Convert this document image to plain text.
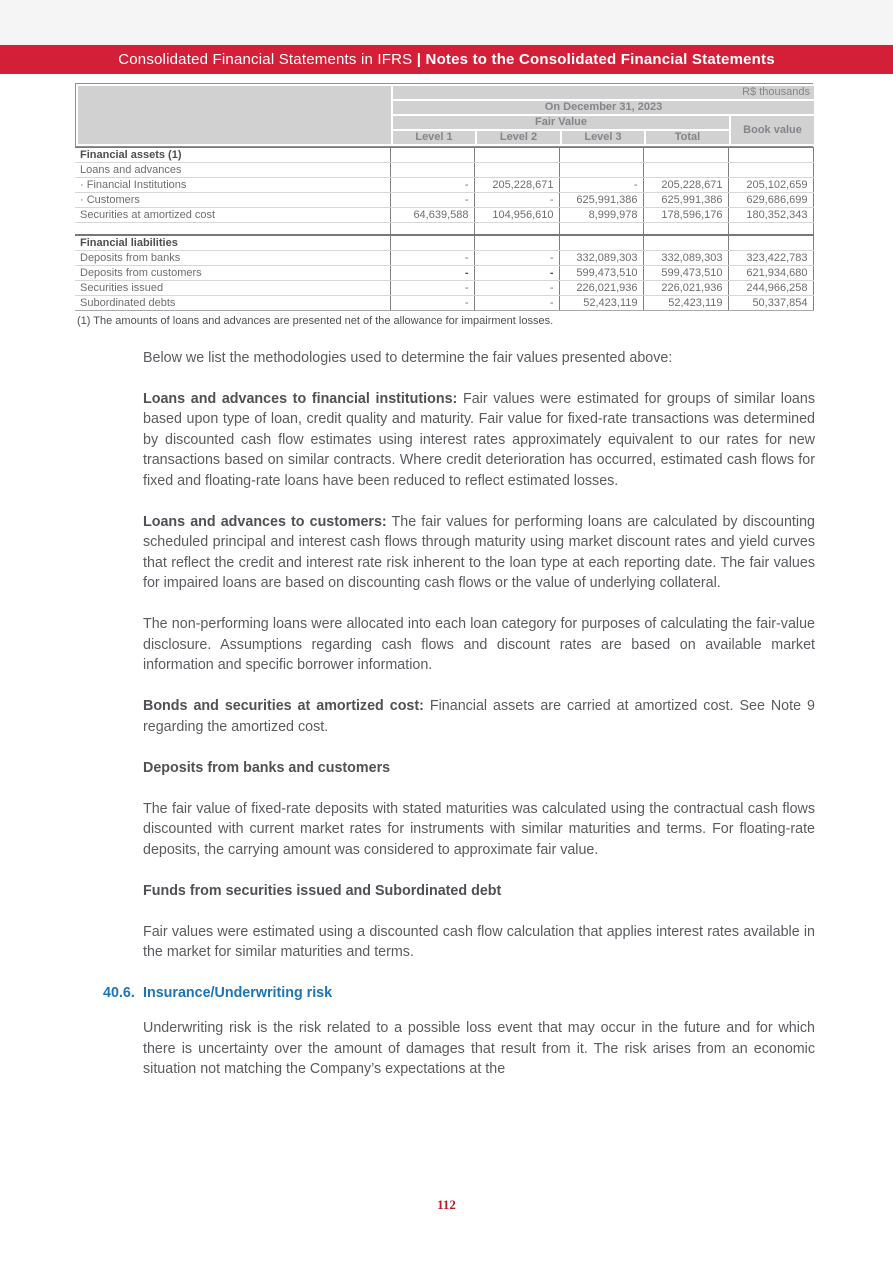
Consolidated Financial Statements in IFRS | Notes to the Consolidated Financial Statements
	R$ thousands				
	On December 31, 2023				
	Fair Value				Book value
	Level 1	Level 2	Level 3	Total	
Financial assets (1)					
Loans and advances					
· Financial Institutions	-	205,228,671	-	205,228,671	205,102,659
· Customers	-	-	625,991,386	625,991,386	629,686,699
Securities at amortized cost	64,639,588	104,956,610	8,999,978	178,596,176	180,352,343

Financial liabilities					
Deposits from banks	-	-	332,089,303	332,089,303	323,422,783
Deposits from customers	-	-	599,473,510	599,473,510	621,934,680
Securities issued	-	-	226,021,936	226,021,936	244,966,258
Subordinated debts	-	-	52,423,119	52,423,119	50,337,854
(1) The amounts of loans and advances are presented net of the allowance for impairment losses.

Below we list the methodologies used to determine the fair values presented above:

Loans and advances to financial institutions: Fair values were estimated for groups of similar loans based upon type of loan, credit quality and maturity. Fair value for fixed-rate transactions was determined by discounted cash flow estimates using interest rates approximately equivalent to our rates for new transactions based on similar contracts. Where credit deterioration has occurred, estimated cash flows for fixed and floating-rate loans have been reduced to reflect estimated losses.

Loans and advances to customers: The fair values for performing loans are calculated by discounting scheduled principal and interest cash flows through maturity using market discount rates and yield curves that reflect the credit and interest rate risk inherent to the loan type at each reporting date. The fair values for impaired loans are based on discounting cash flows or the value of underlying collateral.

The non-performing loans were allocated into each loan category for purposes of calculating the fair-value disclosure. Assumptions regarding cash flows and discount rates are based on available market information and specific borrower information.

Bonds and securities at amortized cost: Financial assets are carried at amortized cost. See Note 9 regarding the amortized cost.

Deposits from banks and customers

The fair value of fixed-rate deposits with stated maturities was calculated using the contractual cash flows discounted with current market rates for instruments with similar maturities and terms. For floating-rate deposits, the carrying amount was considered to approximate fair value.

Funds from securities issued and Subordinated debt

Fair values were estimated using a discounted cash flow calculation that applies interest rates available in the market for similar maturities and terms.

40.6. Insurance/Underwriting risk

Underwriting risk is the risk related to a possible loss event that may occur in the future and for which there is uncertainty over the amount of damages that result from it. The risk arises from an economic situation not matching the Company’s expectations at the

112
